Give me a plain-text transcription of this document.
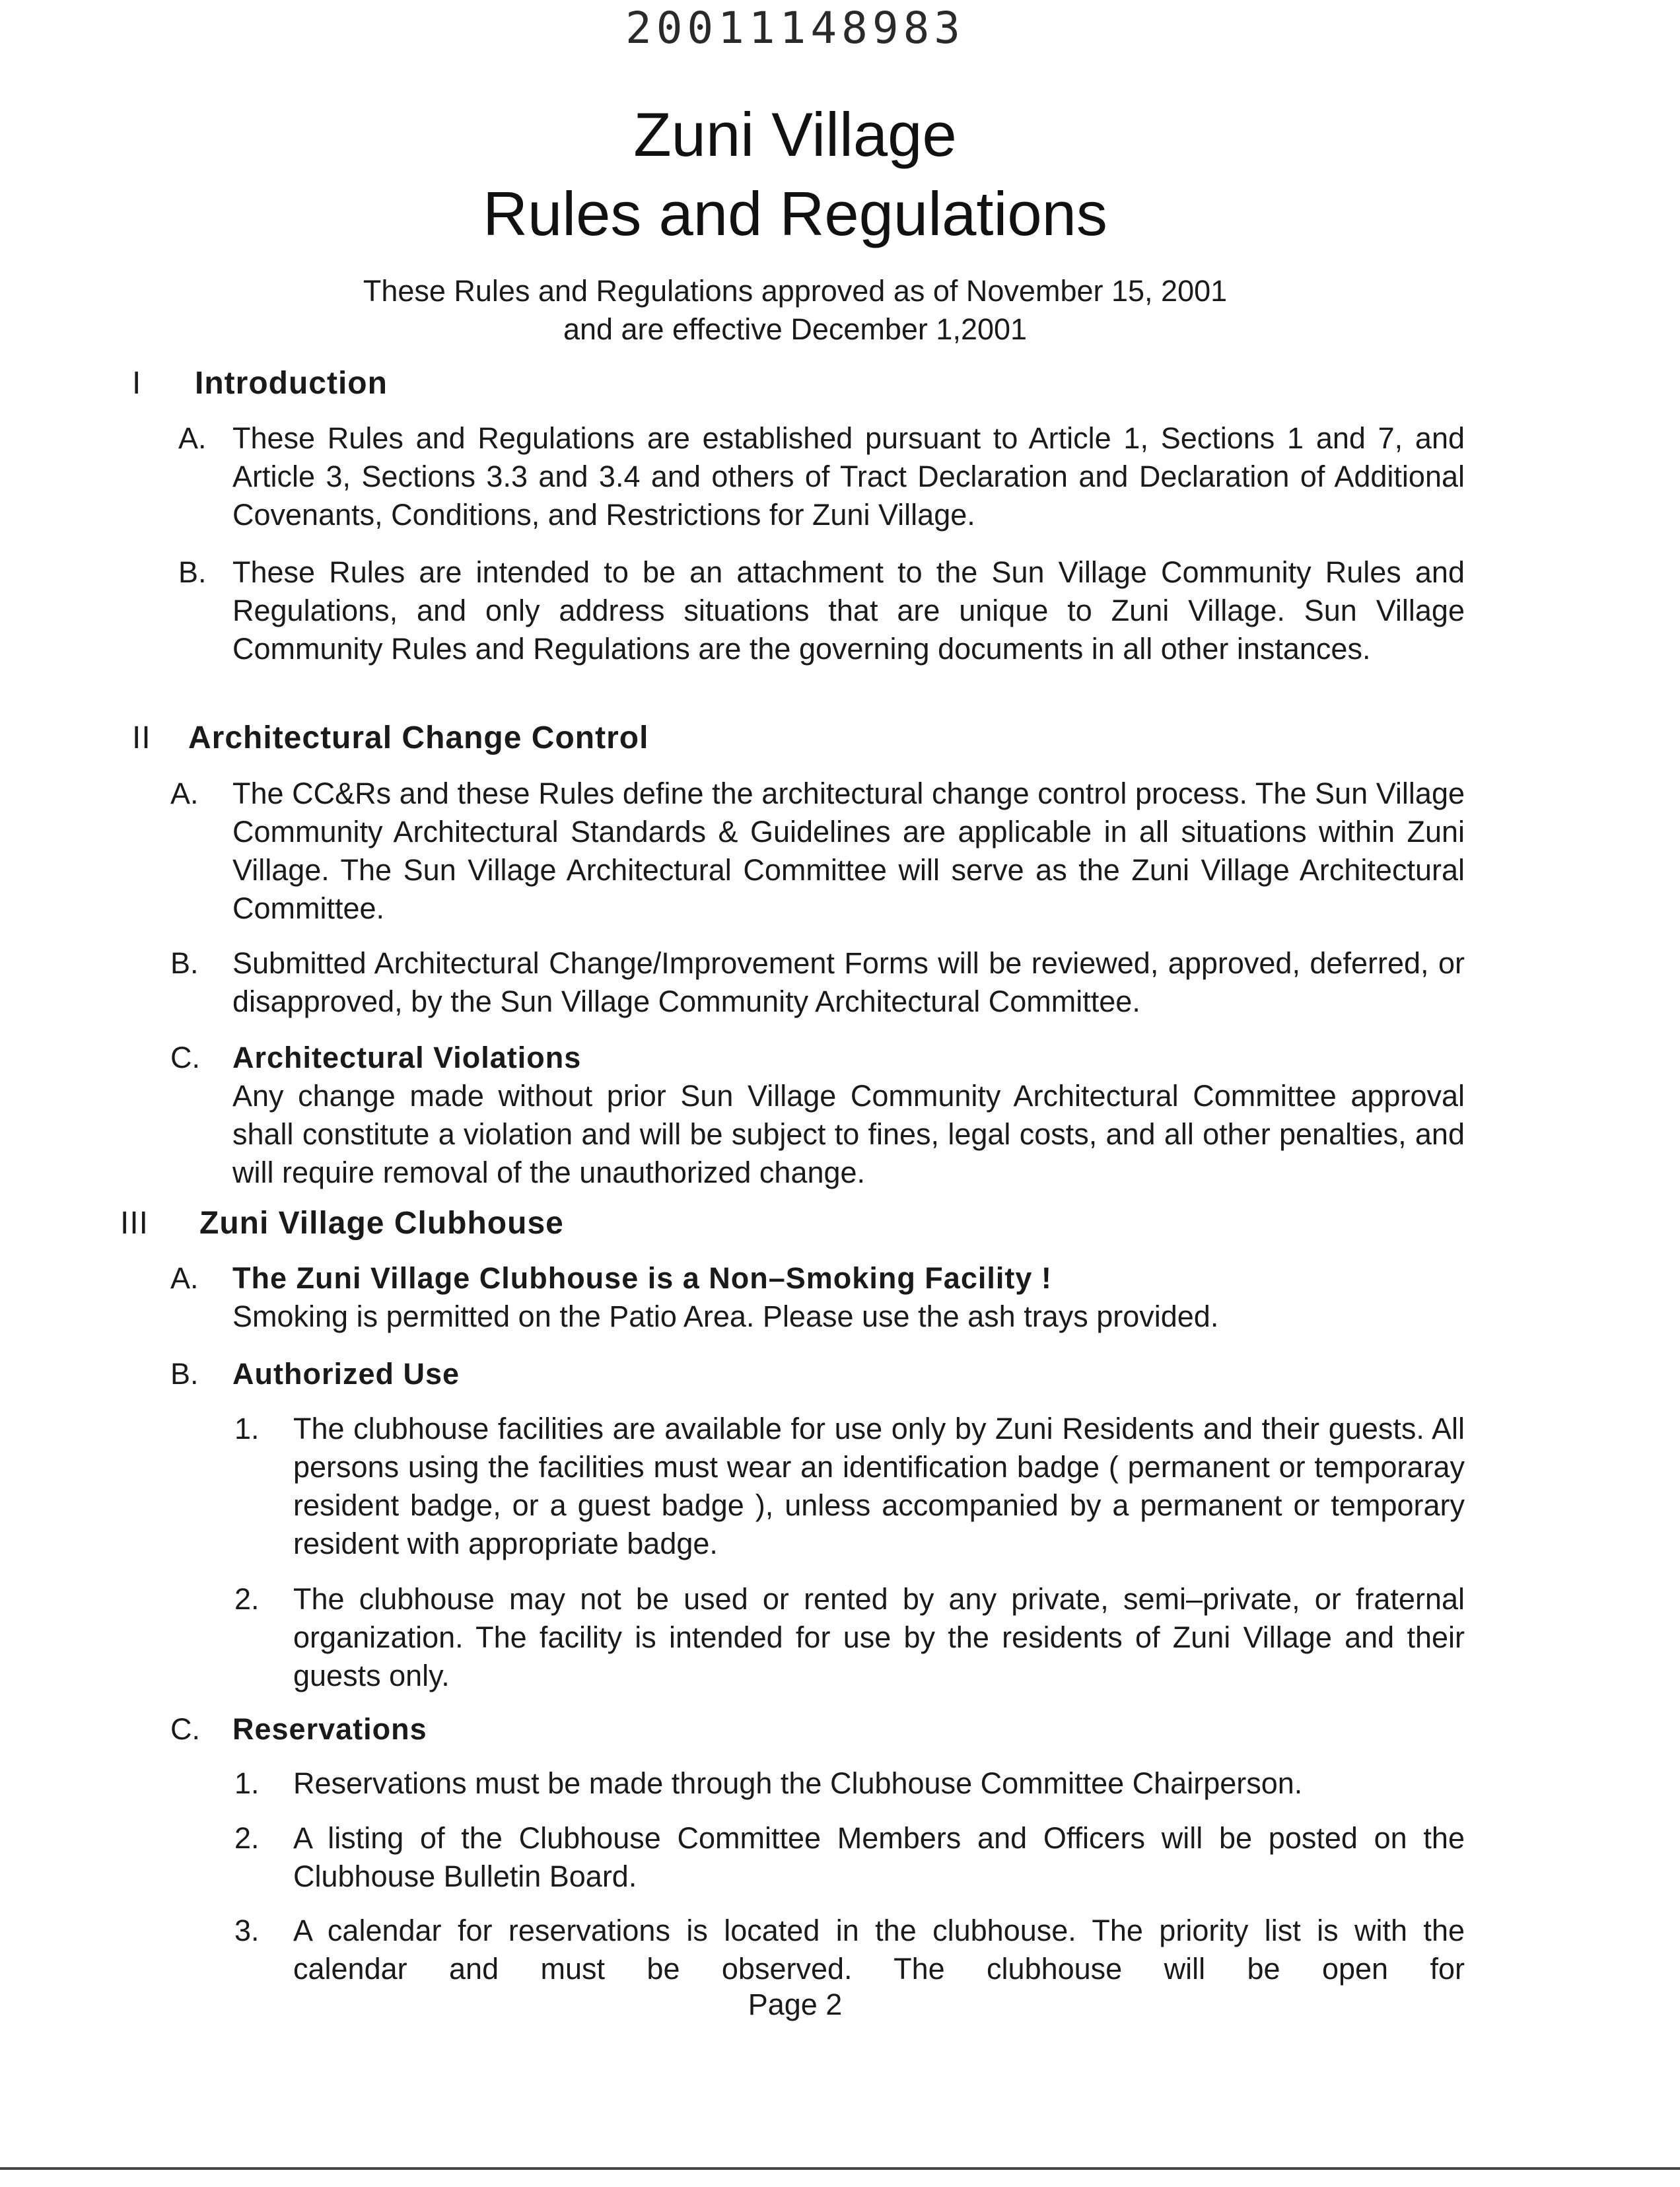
2001114898​3
Zuni Village
Rules and Regulations
These Rules and Regulations approved as of November 15, 2001
and are effective December 1,2001
I Introduction
A. These Rules and Regulations are established pursuant to Article 1, Sections 1 and 7, and Article 3, Sections 3.3 and 3.4 and others of Tract Declaration and Declaration of Additional Covenants, Conditions, and Restrictions for Zuni Village.
B. These Rules are intended to be an attachment to the Sun Village Community Rules and Regulations, and only address situations that are unique to Zuni Village. Sun Village Community Rules and Regulations are the governing documents in all other instances.
II Architectural Change Control
A. The CC&Rs and these Rules define the architectural change control process. The Sun Village Community Architectural Standards & Guidelines are applicable in all situations within Zuni Village. The Sun Village Architectural Committee will serve as the Zuni Village Architectural Committee.
B. Submitted Architectural Change/Improvement Forms will be reviewed, approved, deferred, or disapproved, by the Sun Village Community Architectural Committee.
C. Architectural Violations
Any change made without prior Sun Village Community Architectural Committee approval shall constitute a violation and will be subject to fines, legal costs, and all other penalties, and will require removal of the unauthorized change.
III Zuni Village Clubhouse
A. The Zuni Village Clubhouse is a Non–Smoking Facility !
Smoking is permitted on the Patio Area. Please use the ash trays provided.
B. Authorized Use
1. The clubhouse facilities are available for use only by Zuni Residents and their guests. All persons using the facilities must wear an identification badge ( permanent or temporaray resident badge, or a guest badge ), unless accompanied by a permanent or temporary resident with appropriate badge.
2. The clubhouse may not be used or rented by any private, semi–private, or fraternal organization. The facility is intended for use by the residents of Zuni Village and their guests only.
C. Reservations
1. Reservations must be made through the Clubhouse Committee Chairperson.
2. A listing of the Clubhouse Committee Members and Officers will be posted on the Clubhouse Bulletin Board.
3. A calendar for reservations is located in the clubhouse. The priority list is with the calendar and must be observed. The clubhouse will be open for
Page 2
